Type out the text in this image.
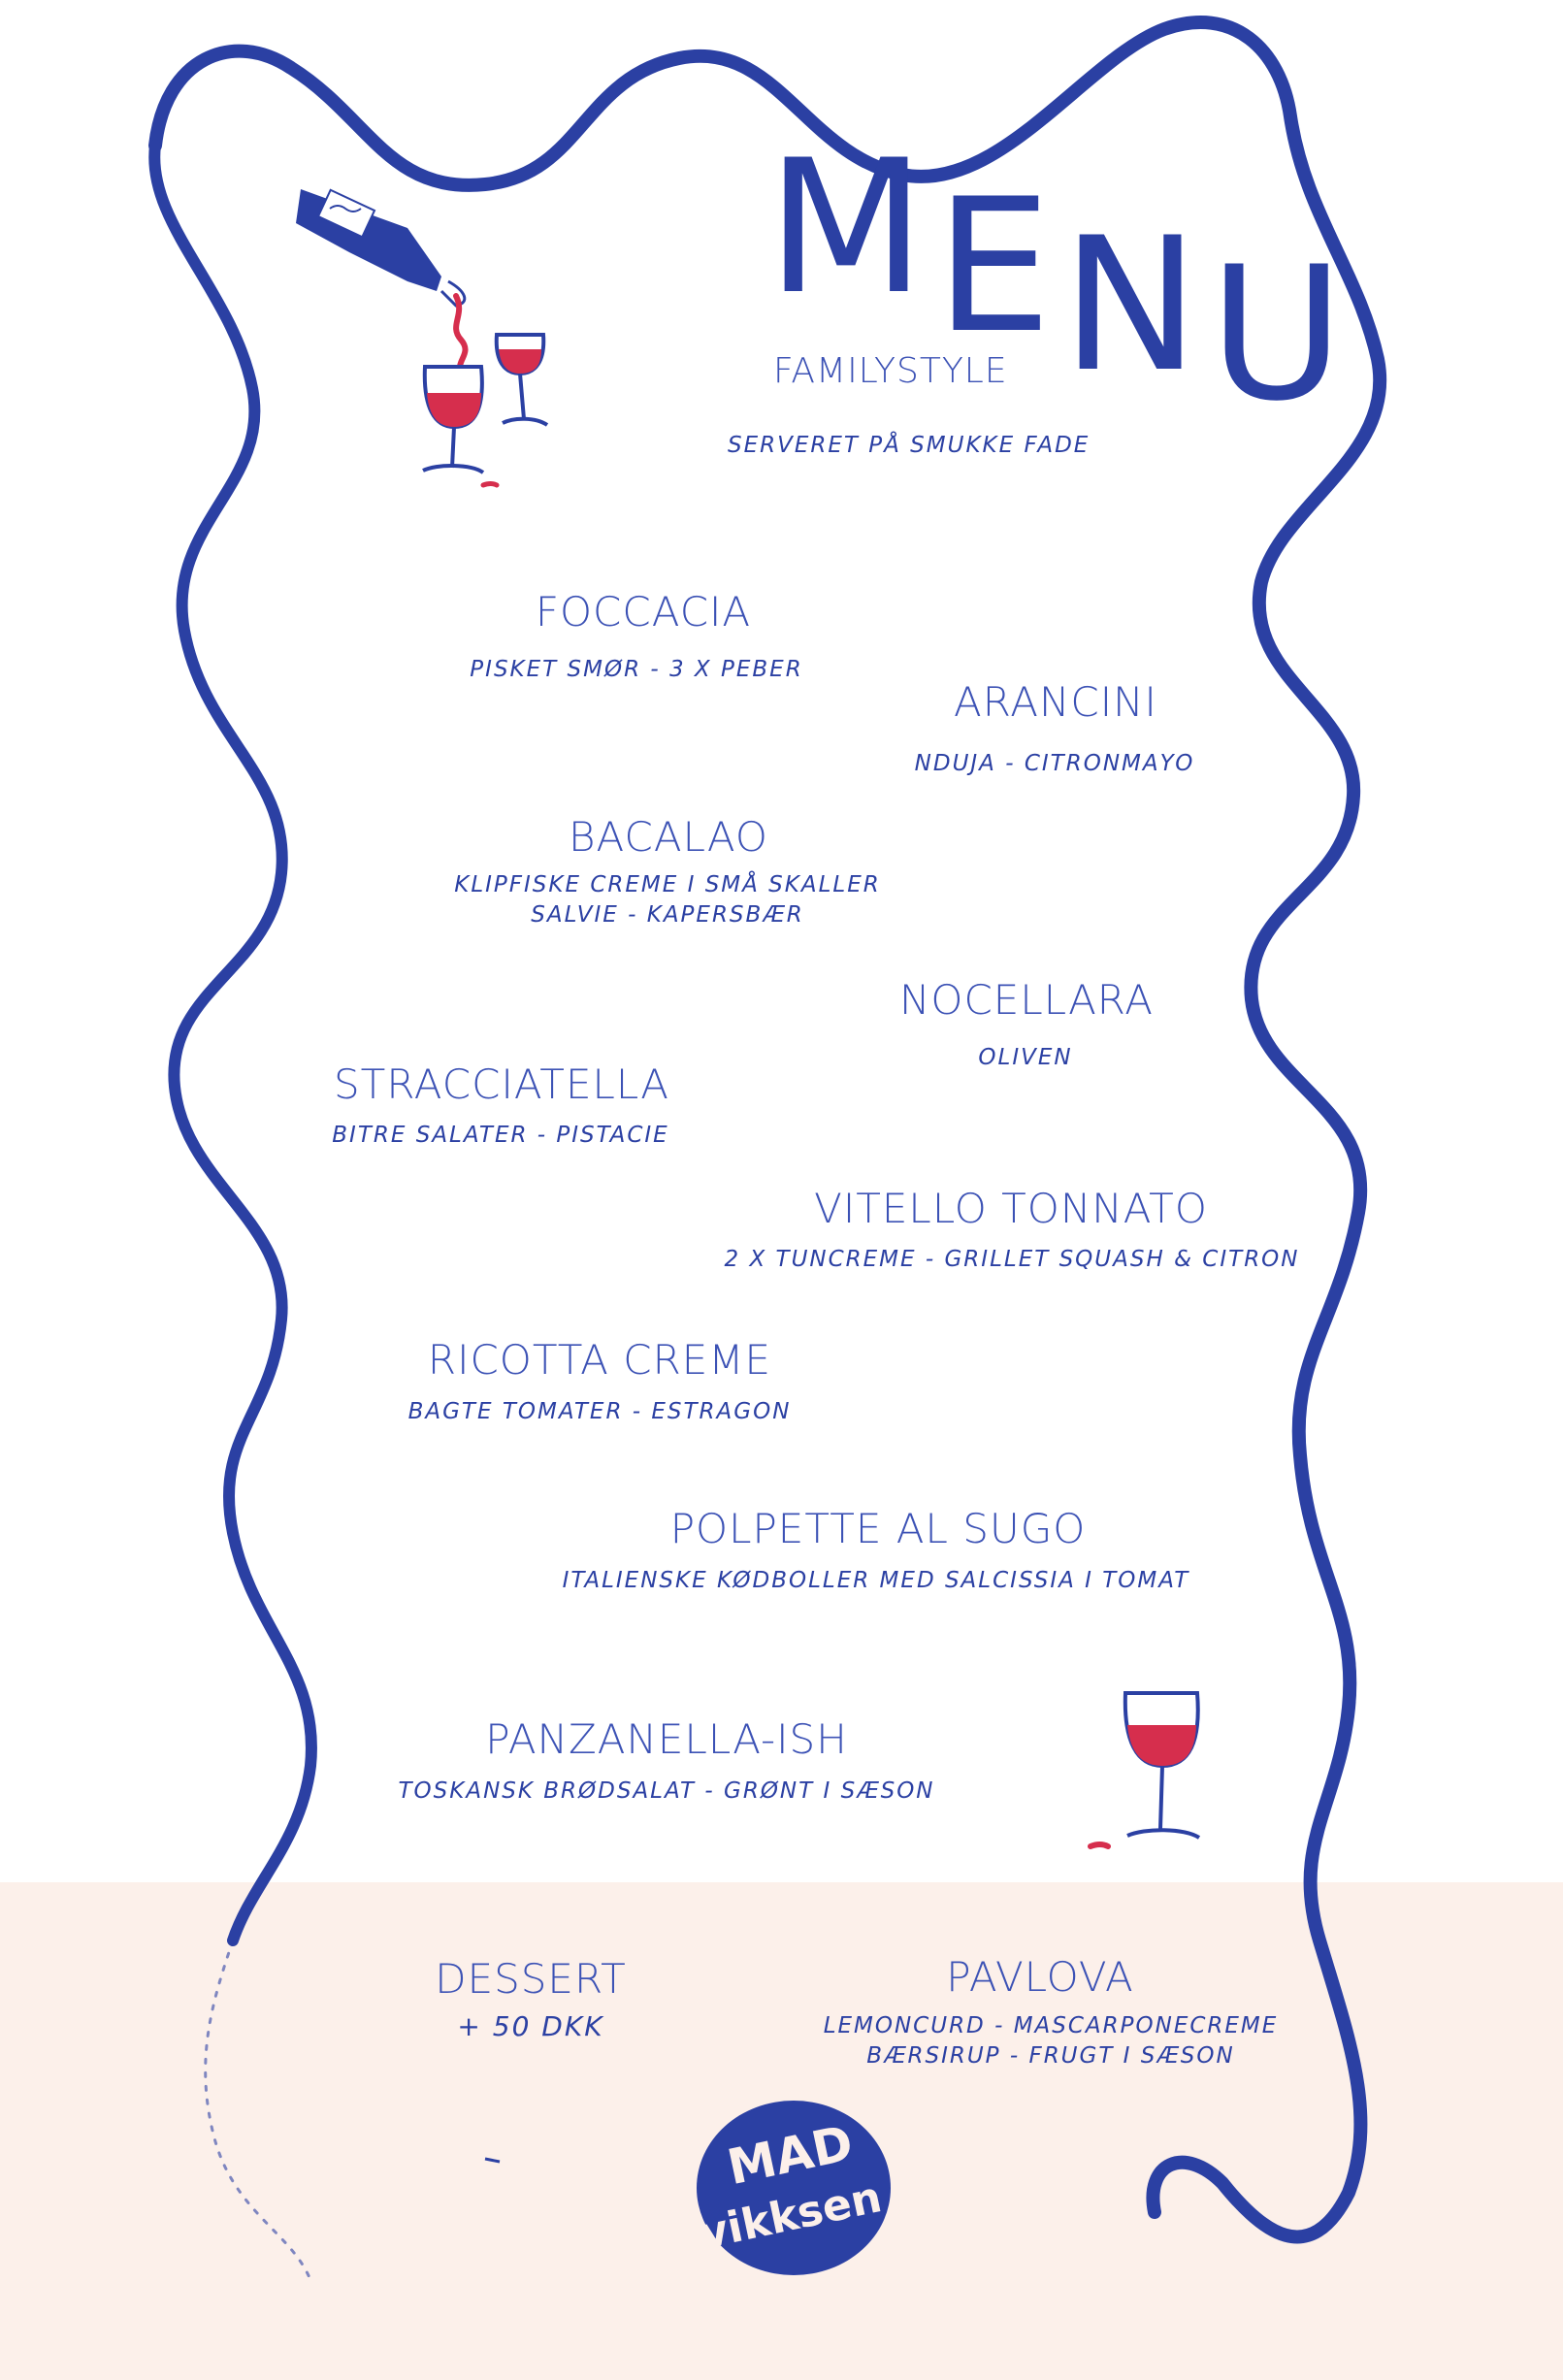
MENU
FAMILYSTYLE
SERVERET PÅ SMUKKE FADE
FOCCACIA
PISKET SMØR - 3 X PEBER
ARANCINI
NDUJA - CITRONMAYO
BACALAO
KLIPFISKE CREME I SMÅ SKALLER
SALVIE - KAPERSBÆR
NOCELLARA
OLIVEN
STRACCIATELLA
BITRE SALATER - PISTACIE
VITELLO TONNATO
2 X TUNCREME - GRILLET SQUASH & CITRON
RICOTTA CREME
BAGTE TOMATER - ESTRAGON
POLPETTE AL SUGO
ITALIENSKE KØDBOLLER MED SALCISSIA I TOMAT
PANZANELLA-ISH
TOSKANSK BRØDSALAT - GRØNT I SÆSON
DESSERT
+ 50 DKK
PAVLOVA
LEMONCURD - MASCARPONECREME
BÆRSIRUP - FRUGT I SÆSON
MAD
vikksen
